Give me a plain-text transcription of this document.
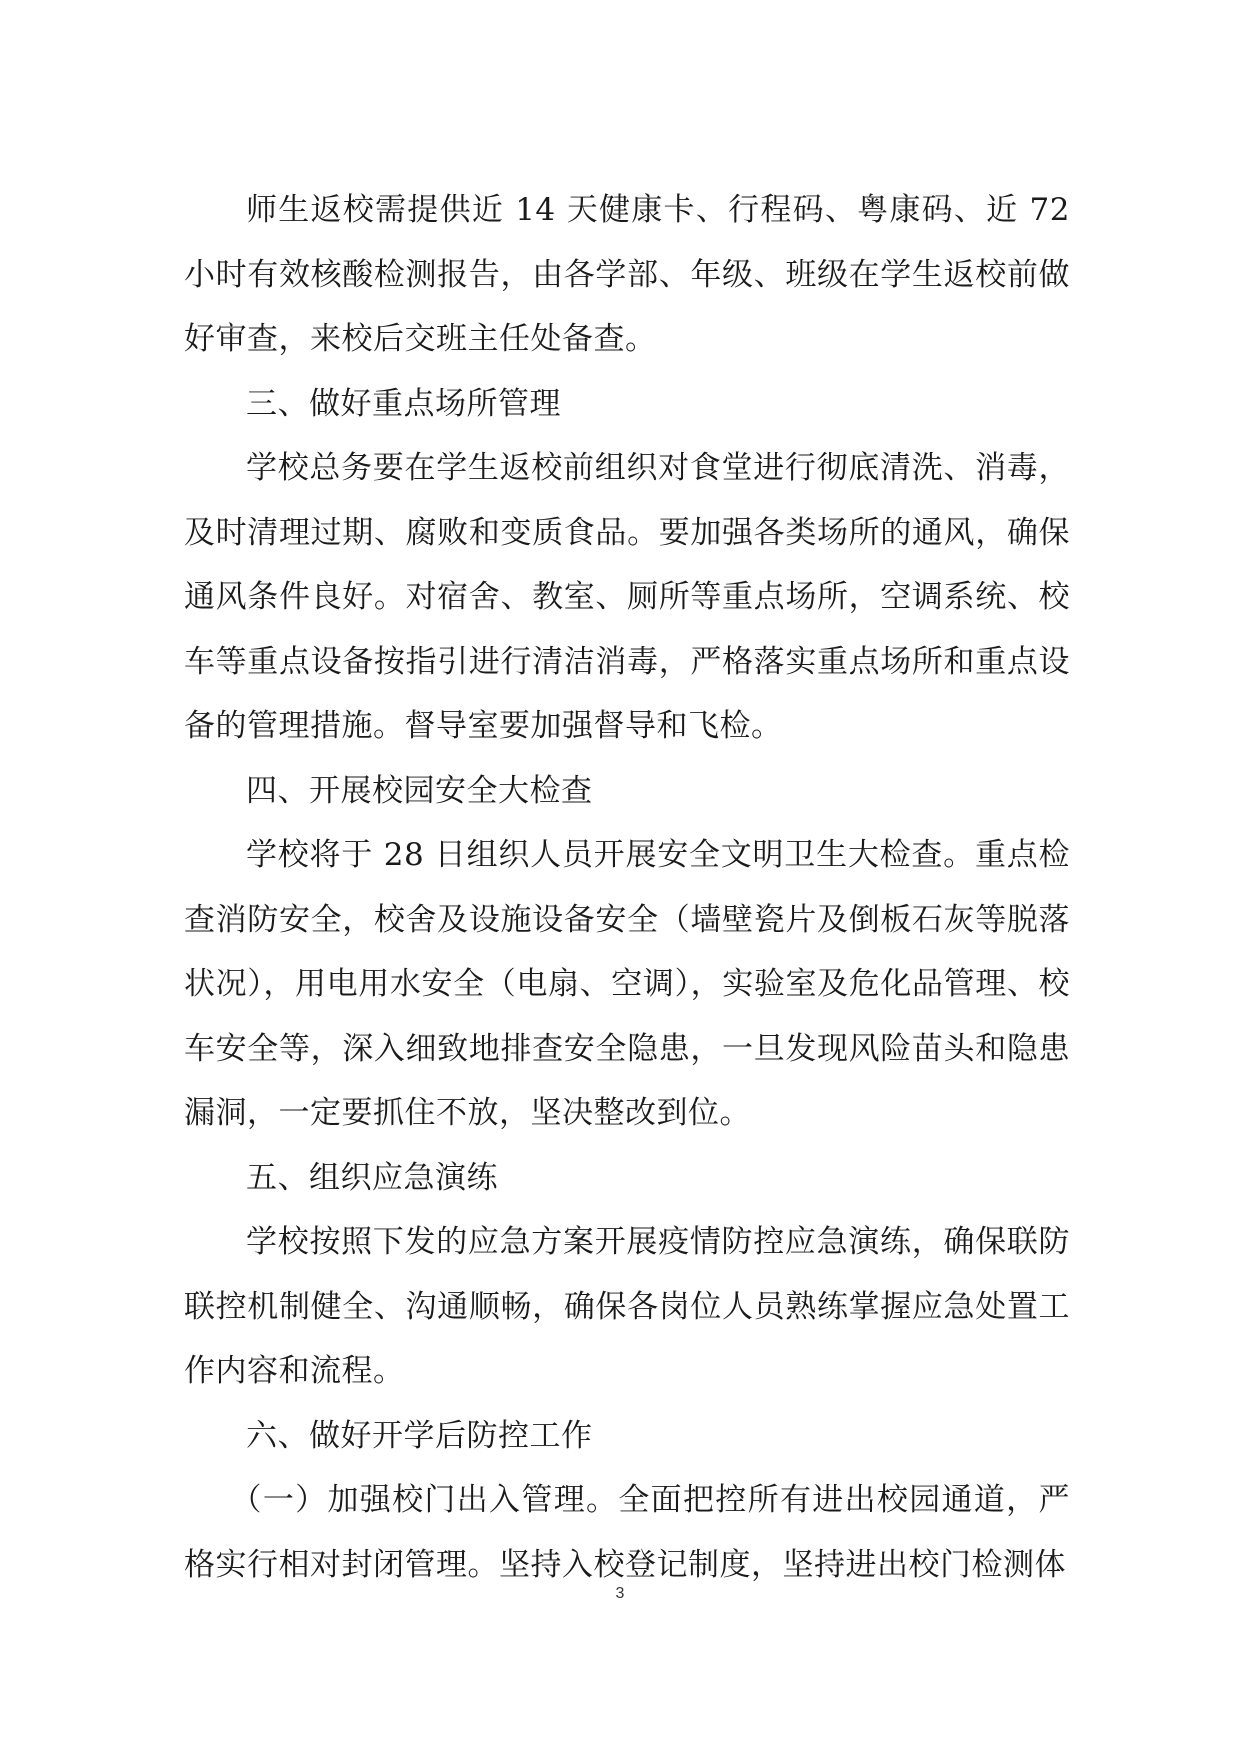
师生返校需提供近 14 天健康卡、行程码、粤康码、近 72 小时有效核酸检测报告，由各学部、年级、班级在学生返校前做好审查，来校后交班主任处备查。

三、做好重点场所管理

学校总务要在学生返校前组织对食堂进行彻底清洗、消毒，及时清理过期、腐败和变质食品。要加强各类场所的通风，确保通风条件良好。对宿舍、教室、厕所等重点场所，空调系统、校车等重点设备按指引进行清洁消毒，严格落实重点场所和重点设备的管理措施。督导室要加强督导和飞检。

四、开展校园安全大检查

学校将于 28 日组织人员开展安全文明卫生大检查。重点检查消防安全，校舍及设施设备安全（墙壁瓷片及倒板石灰等脱落状况），用电用水安全（电扇、空调），实验室及危化品管理、校车安全等，深入细致地排查安全隐患，一旦发现风险苗头和隐患漏洞，一定要抓住不放，坚决整改到位。

五、组织应急演练

学校按照下发的应急方案开展疫情防控应急演练，确保联防联控机制健全、沟通顺畅，确保各岗位人员熟练掌握应急处置工作内容和流程。

六、做好开学后防控工作

（一）加强校门出入管理。全面把控所有进出校园通道，严格实行相对封闭管理。坚持入校登记制度，坚持进出校门检测体

3
